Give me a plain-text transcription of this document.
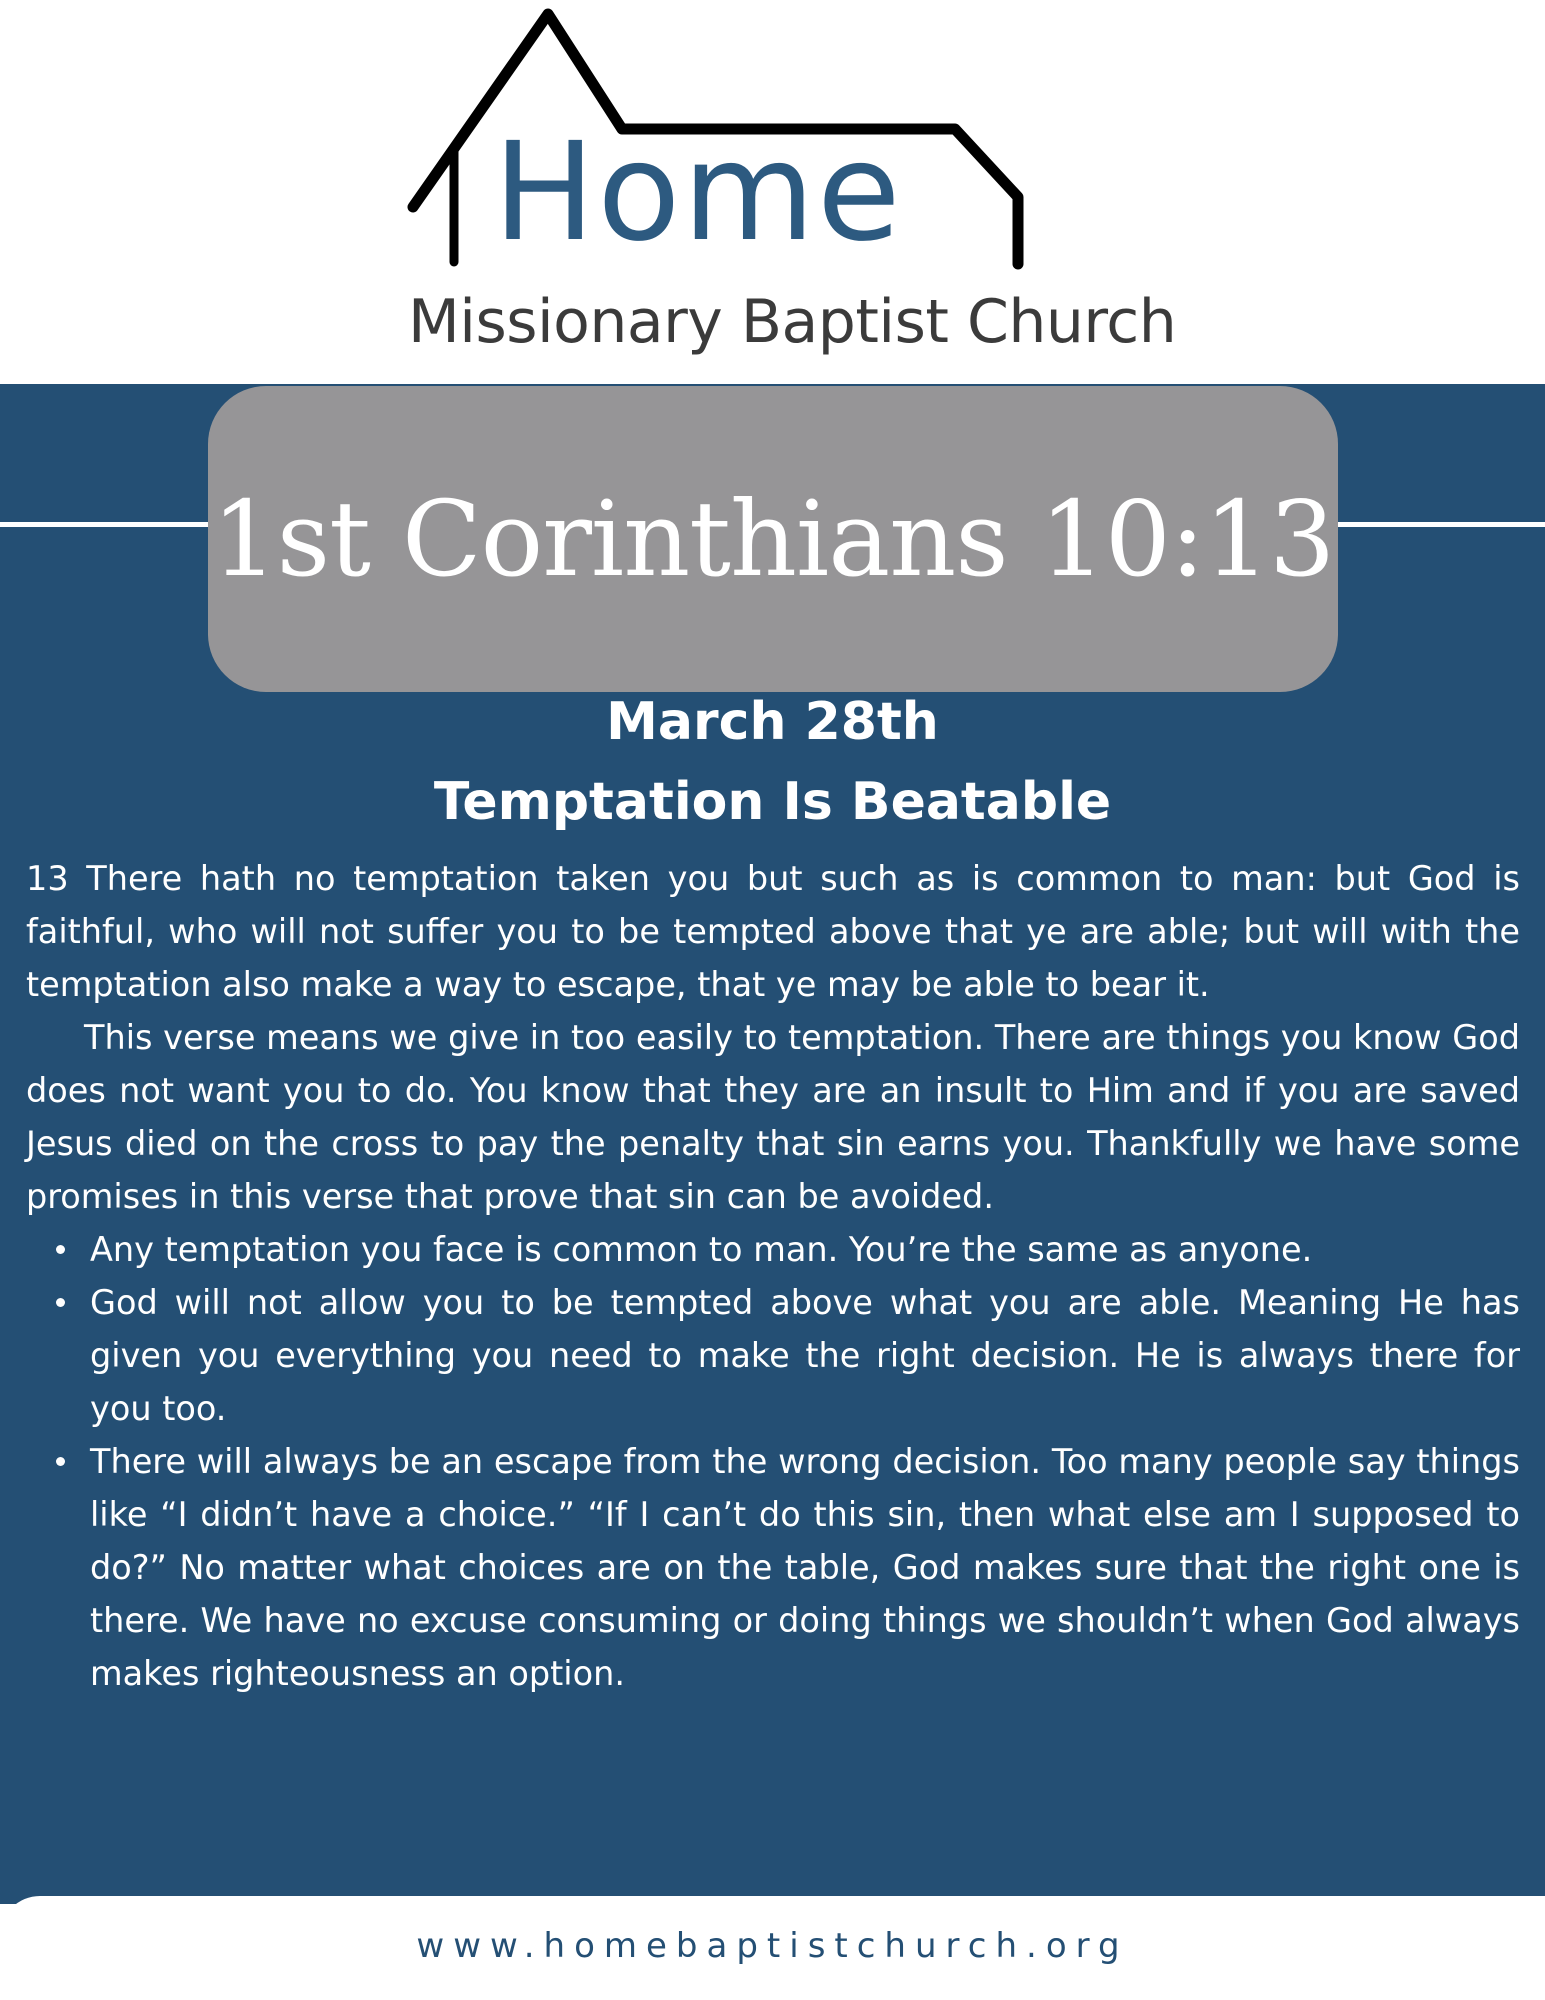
Home
Missionary Baptist Church
1st Corinthians 10:13
March 28th
Temptation Is Beatable

13 There hath no temptation taken you but such as is common to man: but God is faithful, who will not suffer you to be tempted above that ye are able; but will with the temptation also make a way to escape, that ye may be able to bear it.

This verse means we give in too easily to temptation. There are things you know God does not want you to do. You know that they are an insult to Him and if you are saved Jesus died on the cross to pay the penalty that sin earns you. Thankfully we have some promises in this verse that prove that sin can be avoided.

Any temptation you face is common to man. You’re the same as anyone.
God will not allow you to be tempted above what you are able. Meaning He has given you everything you need to make the right decision. He is always there for you too.
There will always be an escape from the wrong decision. Too many people say things like “I didn’t have a choice.” “If I can’t do this sin, then what else am I supposed to do?” No matter what choices are on the table, God makes sure that the right one is there. We have no excuse consuming or doing things we shouldn’t when God always makes righteousness an option.
www.homebaptistchurch.org
